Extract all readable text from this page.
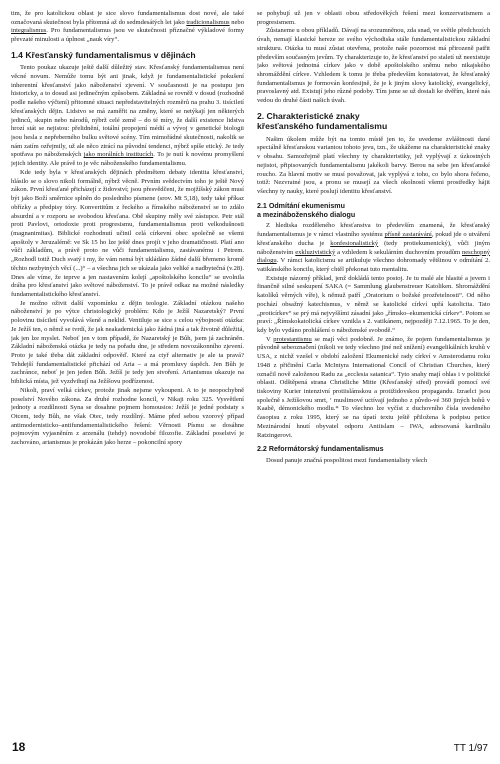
tim, že pro katolickou oblast je sice slovo fundamentalismus dost nové, ale také označovaná skutečnost byla přítomná až do sedmdesátých let jako tradicionalismus nebo integralismus. Pro fundamentalismus jsou ve skutečnosti příznačné výkladové formy převzaté minulosti a úplnost „nauk víry“.

1.4 Křesťanský fundamentalismus v dějinách

Tento poukaz ukazuje ještě další důležitý stav. Křesťanský fundamentalismus není věcné novum. Nemůže tomu být ani jinak, když je fundamentalistické pokušení inherentní křesťanství jako náboženství zjevení. V současnosti je na postupu jen historicky, a to dosud asi jedinečným způsobem. Základná se rovněž v dosud (rozhodně podle našeho výčtení) přitomné situaci nepředstavitelných rozměrů na prahu 3. tisíciletí křesťanských dějin. Lidstvo se má zaměřit na změny, které se netýkají jen některých jedinců, skupin nebo národů, nýbrž celé země – do té míry, že další existence lidstva hrozí stát se nejistou: přelidnění, totální propojení médií a vývoj v genetické biologii jsou hesla z nepřeberného bulku světové scény. Tím mimořádné skutečnosti, nakolik se nám zatím ozřejmily, už ale něco ztrácí na původní tendenci, nýbrž spíše etický. Je tedy spotřava po náboženských jako morálních institucích. To je nutí k novému promyšlení jejich identity. Ale právě to je věc náboženského fundamentalismu.

Kde tedy byla v křesťanských dějinách předmětem debaty identita křesťanství, hlásilo se o slovo nikoli formálně, nýbrž věcně. Prvním svědectvím toho je ještě Nový zákon. První křesťané přicházejí z židovství; jsou přesvědčeni, že mojžíšský zákon musí být jako Boží směrnice splněn do posledního písmene (srov. Mt 5,18), tedy také příkaz obřízky a předpisy tóry. Konvertitům z řeckého a římského náboženství se to zdálo absurdní a v rozporu se svobodou křesťana. Obě skupiny měly své zástupce. Petr stál proti Pavlovi, ortodoxie proti progresismu, fundamentalismus proti velkodušnosti (magnanimitas). Biblické rozhodnutí učinil celá církevní obec společně se všemi apoštoly v Jeruzalémě: ve Sk 15 ho lze ještě dnes projít v jeho dramatičnosti. Platí ano vůči základům, a právě proto ne vůči fundamentalismu, zastávanému i Petrem. „Rozhodl totiž Duch svatý i my, že vám nemá být ukládáno žádné další břemeno kromě těchto nezbytných věcí (...)“ – a všechna jich se ukázala jako veliké a nadbytečná (v.28). Dnes ale víme, že teprve a jen nastavením kolejí „apoštolského koncilu“ se uvolnila dráha pro křesťanství jako světové náboženství. To je právě odkaz na možné následky fundamentalistického křesťanství.

Je možno oživit další vzpomínku z dějin teologie. Základní otázkou našeho náboženství je po výtce christologický problém: Kdo je Ježíš Nazaretský? První polovinu tisíciletí vyvolává všeně a neklid. Ventiluje se sice s celou výbojností otázka: Je Ježíš ten, o němž se tvrdí, že jak neakademická jako žádná jiná a tak životně důležitá, jak jen lze myslet. Neboť jen v tom případě, že Nazaretský je Bůh, jsem já zachráněn. Základní náboženská otázka je tedy na pořadu dne, je středem novozákonního zjevení. Proto je také třeba dát základní odpověď. Které za ctyř alternativ je ale ta pravá? Tehdejší fundamentalistické přichází od Aria – a má promluvy úspěch. Jen Bůh je zachránce, neboť je jen jeden Bůh. Ježíš je tedy jen stvoření. Arianismus ukazuje na biblická místa, jež vyzdvihují na Ježíšovu podřízenost.

Nikoli, praví velká církev, protože jinak nejsme vykoupeni. A to je neopochybně poselství Nového zákona. Za druhé rozhodne koncil, v Nikaji roku 325. Vysvětlení jednoty a rozdílnosti Syna se dosahne pojmem homousios: Ježíš je jedné podstaty s Otcem, tedy Bůh, ne však Otec, tedy rozdílný. Máme před sebou vzorový případ antimodernisticko–antifundamentalistického řešení: Věrnosti Písmu se dosáhne pojmovým vyjasněním z arzenálu (tehdy) novodobé filozofie. Základní poselství je zachováno, arianismus je prokázán jako herze – pokoncilní spory

se pohybují už jen v oblasti obou středověkých řešení mezi konzervatismem a progresismem.

Zůstaneme u obou příkladů. Dávají na srozumněnou, zda snad, ve světle předchozích úvah, nemají klasické hereze ze svého východiska stále fundamentalistickou základní strukturu. Otázka tu musí zůstat otevřena, protože naše pozornost má přirozeně patřit především současným jevům. Ty charakterizuje to, že křesťanství po staletí už neexistuje jako světová jednotná církev jako v době apoštolského sněmu nebo nikajského shromáždění církve. Vzhledem k tomu je třeba především konstatovat, že křesťanský fundamentalismus je formován konfesijně, že je k jiným slovy katolický, evangelický, pravoslavný atd. Existují jeho různé podoby. Tím jsme se už dostali ke dvěřím, které nás vedou do druhé části našich úvah.

2. Charakteristické znaky
křesťanského fundamentalismu

Našim úkolem může být na tomto místě jen to, že uvedeme zvláštnosti dané speciálně křesťanskou variantou tohoto jevu, tzn., že ukážeme na charakteristické znaky v obsahu. Samozřejmě platí všechny ty charakteristiky, jež vyplývají z úzkostných nejistot, připisovaných fundamentalismu jakékoli barvy. Berou na sebe jen křesťanské roucho. Za hlavní motiv se musí považovat, jak vyplývá z toho, co bylo shora řečeno, totiž: Nezvratné jsou, a pronu se musejí za všech okolností všemi prostředky hájit všechny ty nauky, které poslují identitu křesťanství.

2.1 Odmítání ekumenismu
a mezináboženského dialogu

Z hlediska rozděleného křesťanstva to především znamená, že křesťanský fundamentalismus je v rámci vlastního systému přísně zastarávání, pokud jde o utváření křesťanského ducha je konfesionalistický (tedy protiekumenický), vůči jiným náboženstvím exkluzivistický a vzhledem k sekulárním duchovním proudům neschopný dialogu. V rámci katolicismu se artikuluje všechno dohromady většinou v odmítání 2. vatikánského koncilu, který chtěl překonat tuto mentalitu.

Existuje názorný příklad, jenž dokládá tento postoj. Je tu malé ale hlasité a jevem i finančně silné seskupení SAKA (= Sammlung glaubenstreuer Katoliken. Shromáždění katolíků věrných víře), k němuž patří „Oratorium o božské prozřetelnosti“. Od něho pochází obsažný katechismus, v němž se katolické církví upřá katolicita. Tato „proticírkev“ se prý má nejvyššími zásadní jako „římsko–ekumenická církev“. Potom se praví: „Římskokatolická církev vznikla s 2. vatikánem, nejpozději 7.12.1965. To je den, kdy bylo vydáno prohlášení o náboženské svobodě.“

V protestantismu se mají věci podobně. Je známo, že pojem fundamentalismus je původně sebeoznačení (nikoli ve tedy všechno jiné než snížení) evangelikálních kruhů v USA, z nichž vzešel v období založení Ekumenické rady církví v Amsterodamu roku 1948 z přičinění Carla McIntyra International Concil of Christian Churches, který označil nově založenou Radu za „ecclesia satanica“. Tyto snahy mají ohlas i v politické oblasti. Odštěpená strana Christliche Mitte (Křesťanský střed) provádí pomocí své tiskoviny Kurier intenzivní protiislámskou a protižidovskou propagandu. Izraelci jsou společně s Ježíšovou smrt, ‘ muslimové uctívají jednoho z půvdo-vé 360 jiných bohů v Kaabě, démonického modlu.* To všechno lze vyčíst z duchovního čísla uvedeného časopisu z roku 1995, který se na úpatí textu ještě přiložena k podpisu petice Mezinárodní hnutí obyvatel odporu Antiislam – IWA, adresovaná kardinálu Ratzingerovi.

2.2 Reformátorský fundamentalismus

Dosud panuje značná pospolitost mezi fundamentalisty všech

18	TT 1/97
